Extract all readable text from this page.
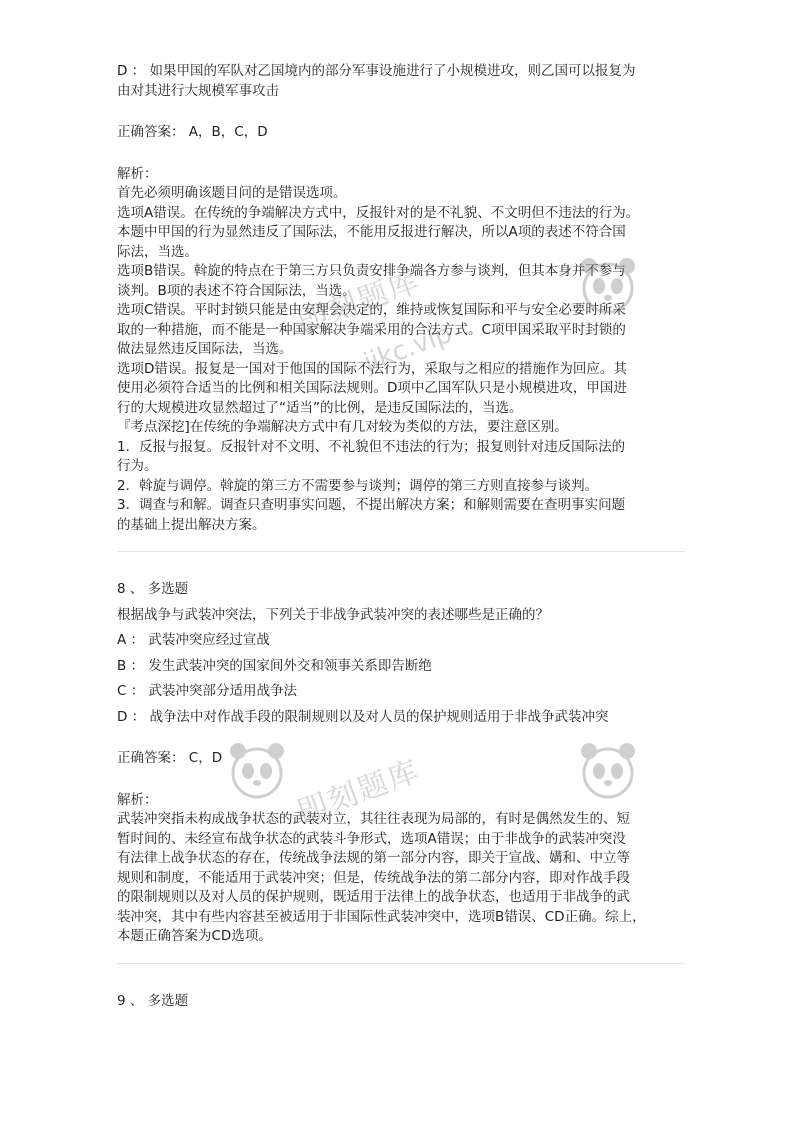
D ： 如果甲国的军队对乙国境内的部分军事设施进行了小规模进攻，则乙国可以报复为
由对其进行大规模军事攻击
正确答案： A，B，C，D
解析：
首先必须明确该题目问的是错误选项。
选项A错误。在传统的争端解决方式中，反报针对的是不礼貌、不文明但不违法的行为。
本题中甲国的行为显然违反了国际法，不能用反报进行解决，所以A项的表述不符合国
际法，当选。
选项B错误。斡旋的特点在于第三方只负责安排争端各方参与谈判，但其本身并不参与
谈判。B项的表述不符合国际法，当选。
选项C错误。平时封锁只能是由安理会决定的，维持或恢复国际和平与安全必要时所采
取的一种措施，而不能是一种国家解决争端采用的合法方式。C项甲国采取平时封锁的
做法显然违反国际法，当选。
选项D错误。报复是一国对于他国的国际不法行为，采取与之相应的措施作为回应。其
使用必须符合适当的比例和相关国际法规则。D项中乙国军队只是小规模进攻，甲国进
行的大规模进攻显然超过了“适当”的比例，是违反国际法的，当选。
『考点深挖]在传统的争端解决方式中有几对较为类似的方法，要注意区别。
1．反报与报复。反报针对不文明、不礼貌但不违法的行为；报复则针对违反国际法的
行为。
2．斡旋与调停。斡旋的第三方不需要参与谈判；调停的第三方则直接参与谈判。
3．调查与和解。调查只查明事实问题，不提出解决方案；和解则需要在查明事实问题
的基础上提出解决方案。
8 、 多选题
根据战争与武装冲突法，下列关于非战争武装冲突的表述哪些是正确的？
A ： 武装冲突应经过宣战
B ： 发生武装冲突的国家间外交和领事关系即告断绝
C ： 武装冲突部分适用战争法
D ： 战争法中对作战手段的限制规则以及对人员的保护规则适用于非战争武装冲突
正确答案： C，D
解析：
武装冲突指未构成战争状态的武装对立，其往往表现为局部的，有时是偶然发生的、短
暂时间的、未经宣布战争状态的武装斗争形式，选项A错误；由于非战争的武装冲突没
有法律上战争状态的存在，传统战争法规的第一部分内容，即关于宣战、媾和、中立等
规则和制度，不能适用于武装冲突；但是，传统战争法的第二部分内容，即对作战手段
的限制规则以及对人员的保护规则，既适用于法律上的战争状态，也适用于非战争的武
装冲突，其中有些内容甚至被适用于非国际性武装冲突中，选项B错误、CD正确。综上，
本题正确答案为CD选项。
9 、 多选题
即刻题库
jikc.vip
即刻题库
